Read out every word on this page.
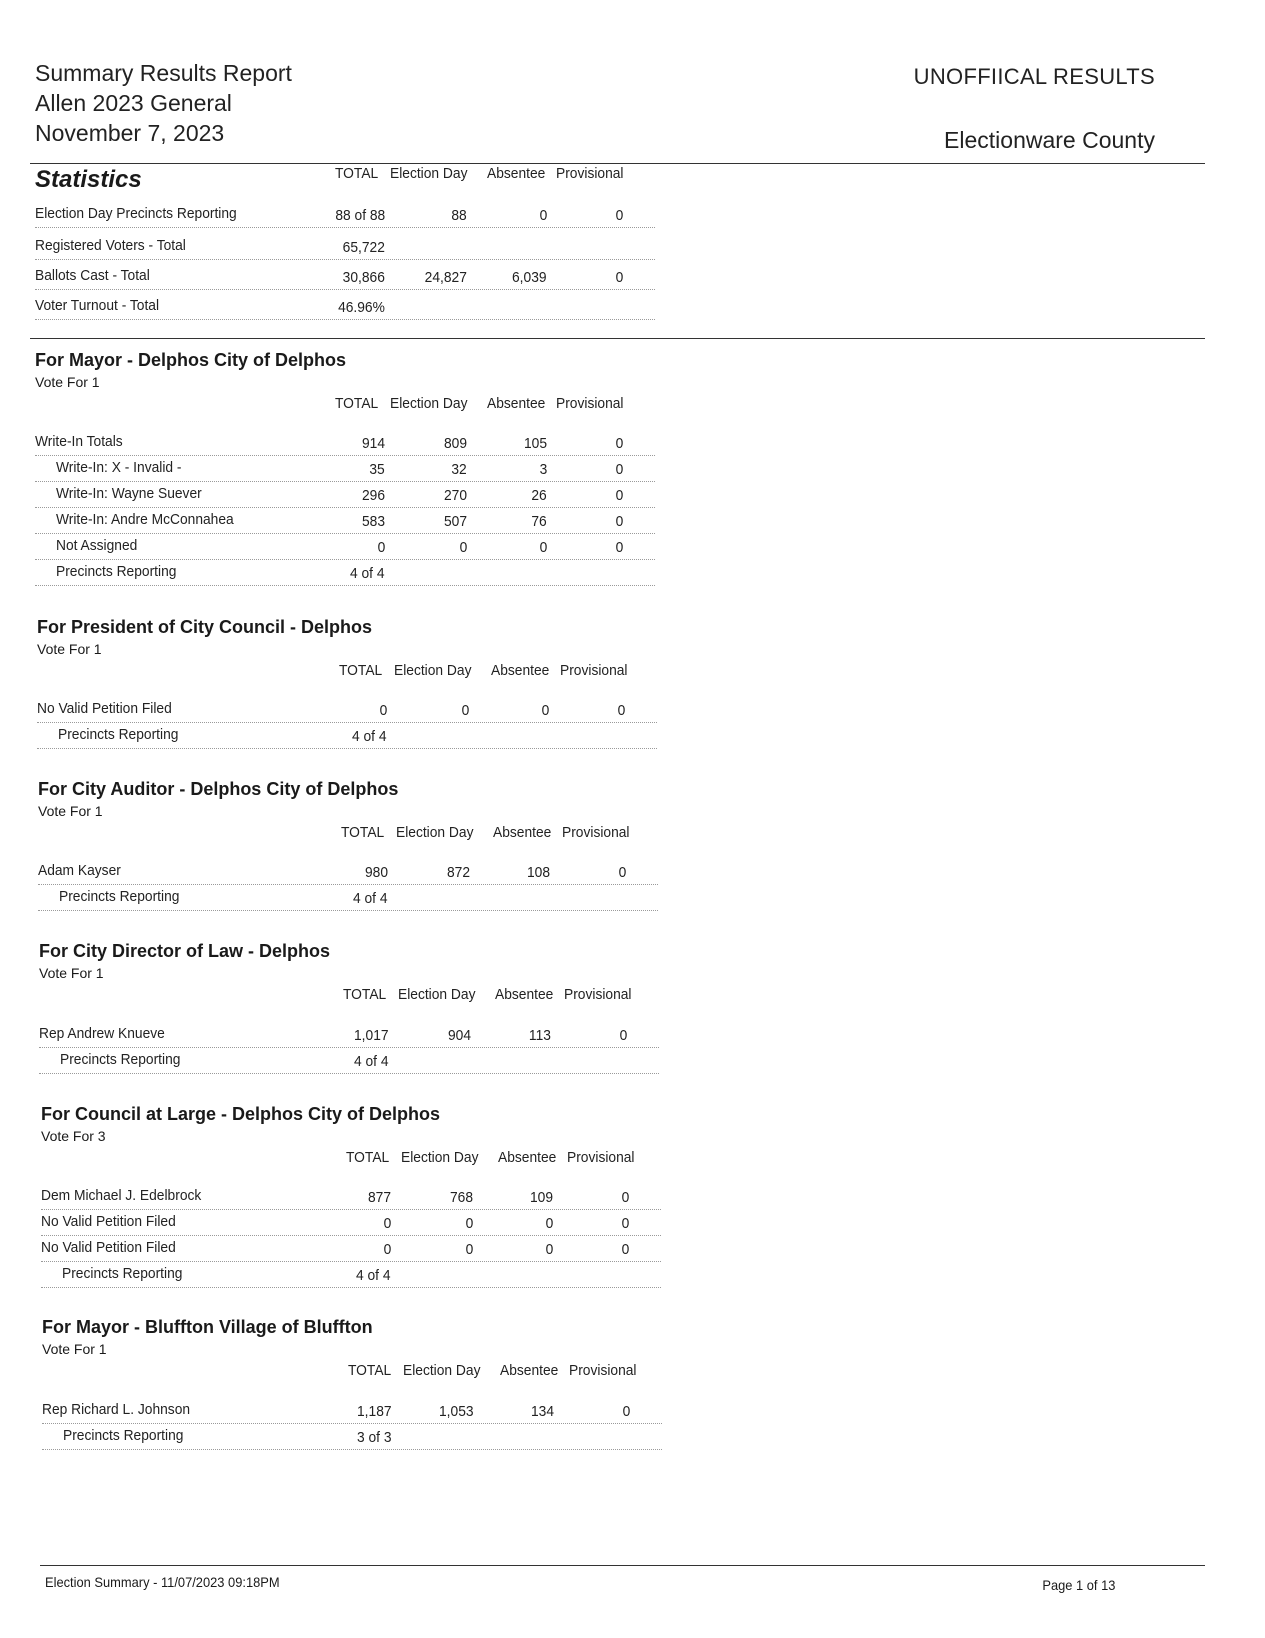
Summary Results Report
Allen 2023 General
November 7, 2023
UNOFFIICAL RESULTS
Electionware County
Statistics	TOTAL Election Day Absentee Provisional
Election Day Precincts Reporting	88 of 88	88	0	0
Registered Voters - Total	65,722
Ballots Cast - Total	30,866	24,827	6,039	0
Voter Turnout - Total	46.96%
For Mayor - Delphos City of Delphos
Vote For 1
TOTAL Election Day Absentee Provisional
Write-In Totals	914	809	105	0
Write-In: X - Invalid -	35	32	3	0
Write-In: Wayne Suever	296	270	26	0
Write-In: Andre McConnahea	583	507	76	0
Not Assigned	0	0	0	0
Precincts Reporting	4 of 4
For President of City Council - Delphos
Vote For 1
TOTAL Election Day Absentee Provisional
No Valid Petition Filed	0	0	0	0
Precincts Reporting	4 of 4
For City Auditor - Delphos City of Delphos
Vote For 1
TOTAL Election Day Absentee Provisional
Adam Kayser	980	872	108	0
Precincts Reporting	4 of 4
For City Director of Law - Delphos
Vote For 1
TOTAL Election Day Absentee Provisional
Rep Andrew Knueve	1,017	904	113	0
Precincts Reporting	4 of 4
For Council at Large - Delphos City of Delphos
Vote For 3
TOTAL Election Day Absentee Provisional
Dem Michael J. Edelbrock	877	768	109	0
No Valid Petition Filed	0	0	0	0
No Valid Petition Filed	0	0	0	0
Precincts Reporting	4 of 4
For Mayor - Bluffton Village of Bluffton
Vote For 1
TOTAL Election Day Absentee Provisional
Rep Richard L. Johnson	1,187	1,053	134	0
Precincts Reporting	3 of 3
Election Summary - 11/07/2023 09:18PM	Page 1 of 13
